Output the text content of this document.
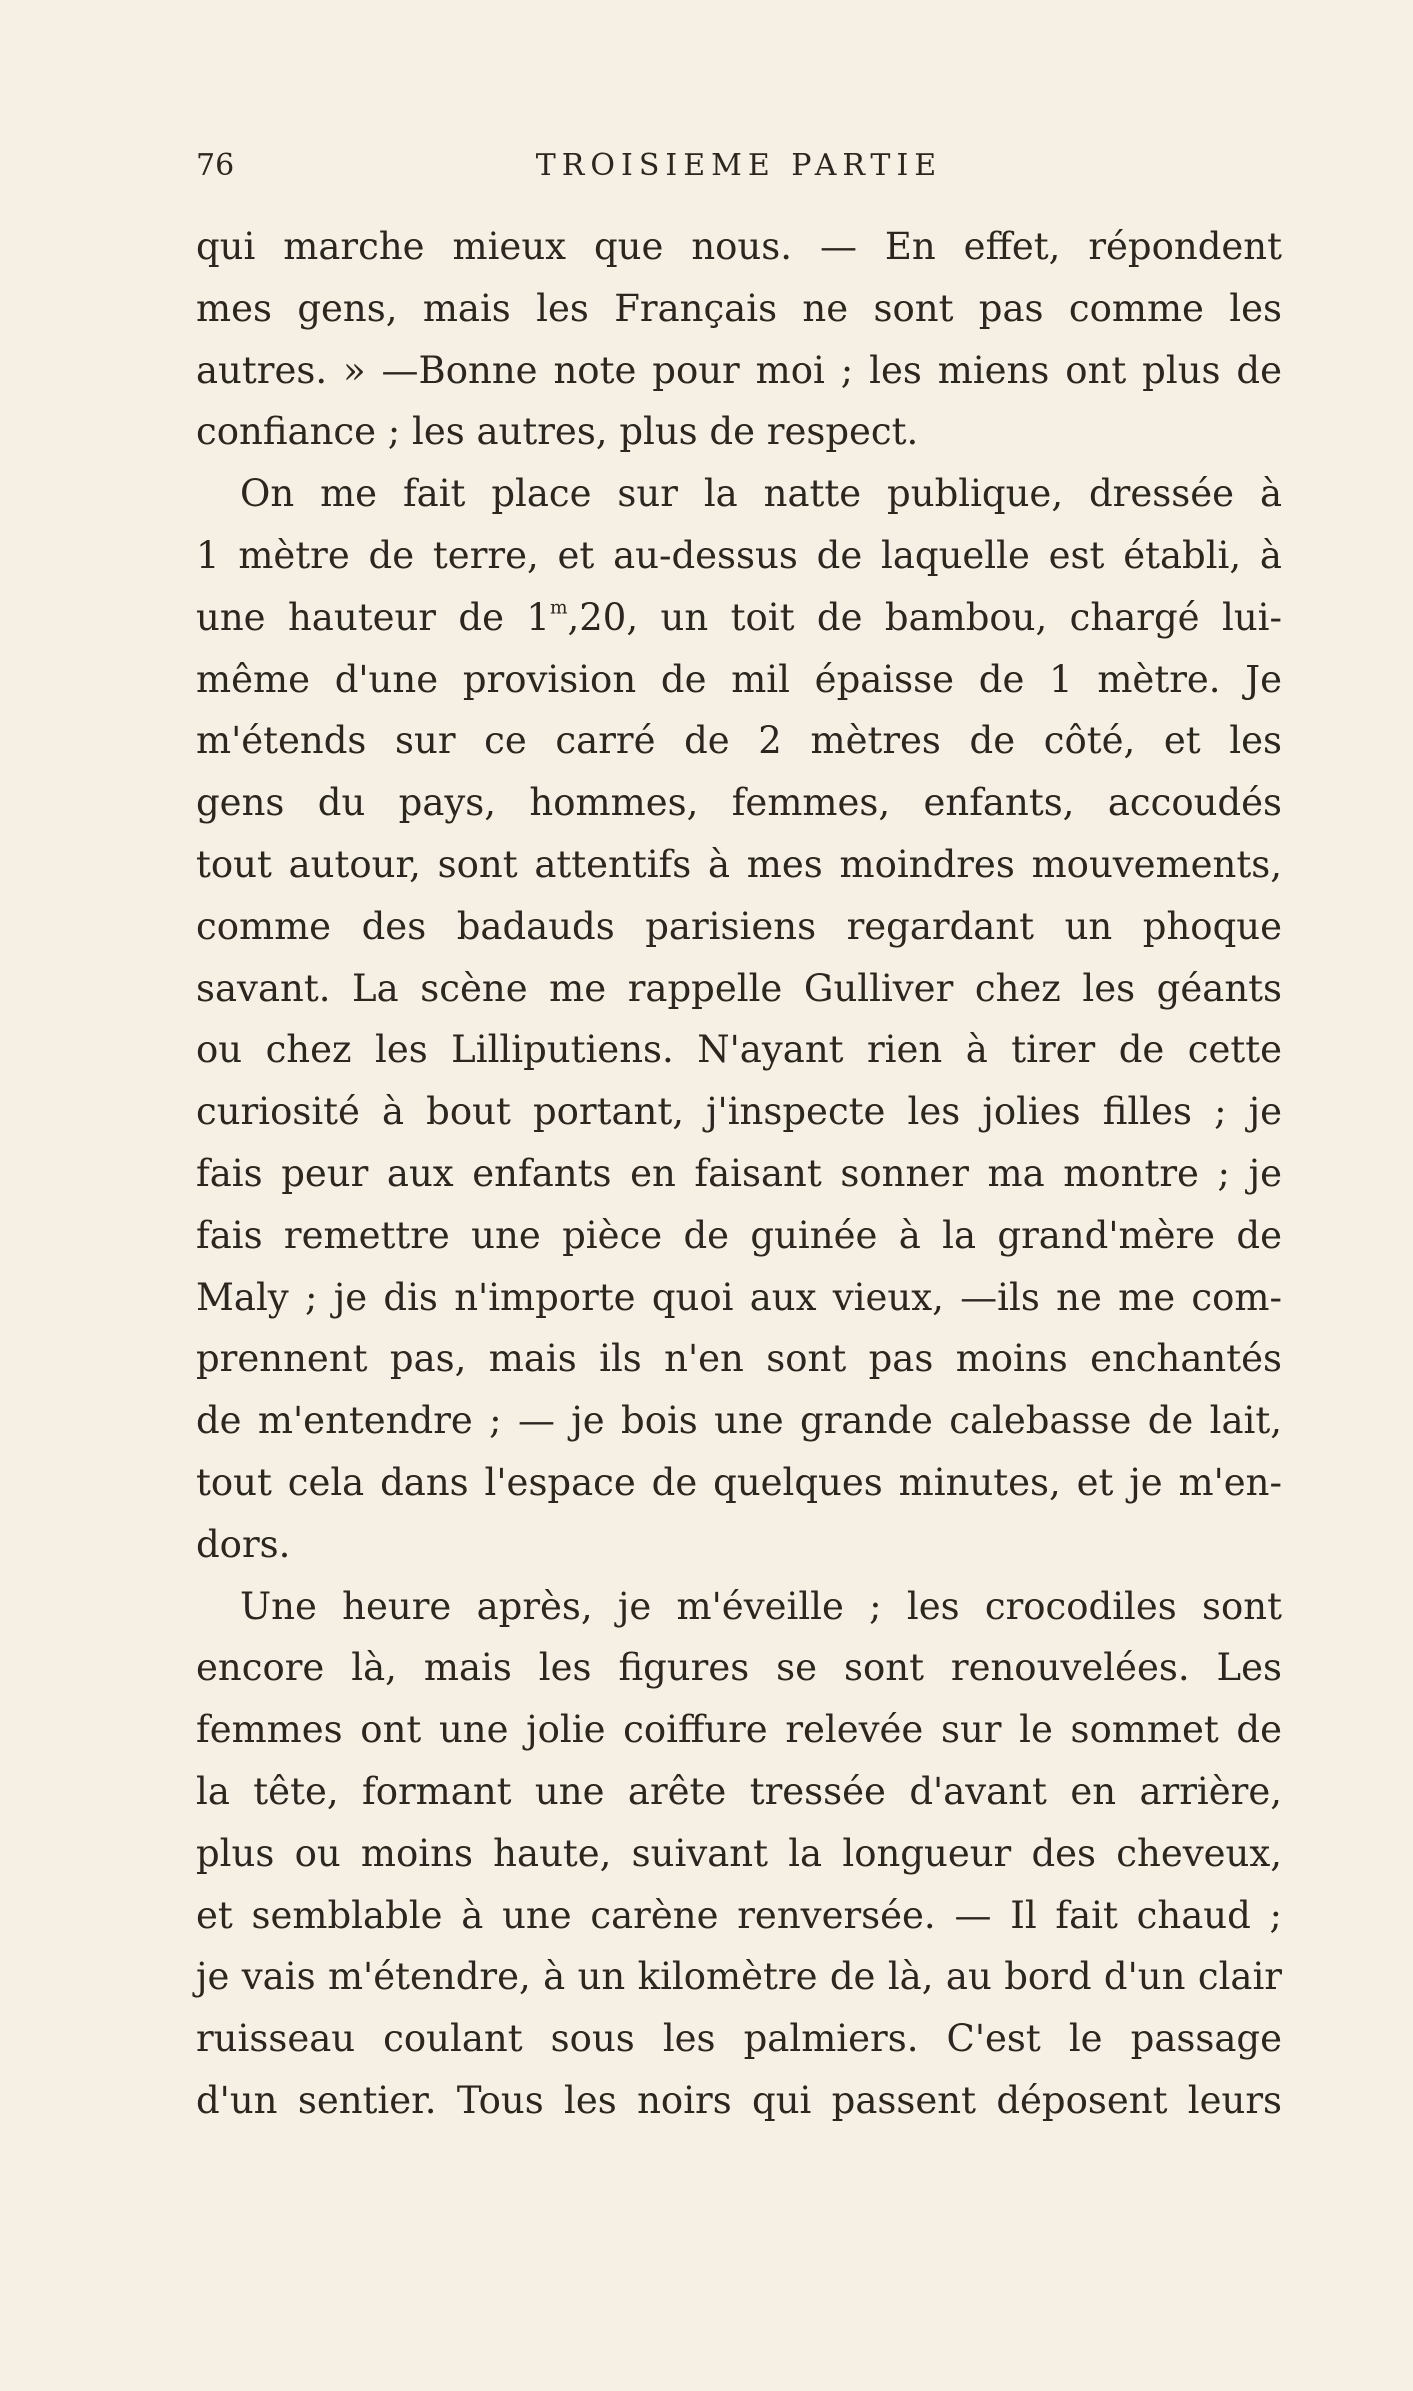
76	TROISIEME PARTIE
qui marche mieux que nous. — En effet, répondent
mes gens, mais les Français ne sont pas comme les
autres. » —Bonne note pour moi ; les miens ont plus de
confiance ; les autres, plus de respect.
On me fait place sur la natte publique, dressée à
1 mètre de terre, et au-dessus de laquelle est établi, à
une hauteur de 1$^m$,20, un toit de bambou, chargé lui-
même d'une provision de mil épaisse de 1 mètre. Je
m'étends sur ce carré de 2 mètres de côté, et les
gens du pays, hommes, femmes, enfants, accoudés
tout autour, sont attentifs à mes moindres mouvements,
comme des badauds parisiens regardant un phoque
savant. La scène me rappelle Gulliver chez les géants
ou chez les Lilliputiens. N'ayant rien à tirer de cette
curiosité à bout portant, j'inspecte les jolies filles ; je
fais peur aux enfants en faisant sonner ma montre ; je
fais remettre une pièce de guinée à la grand'mère de
Maly ; je dis n'importe quoi aux vieux, —ils ne me com-
prennent pas, mais ils n'en sont pas moins enchantés
de m'entendre ; — je bois une grande calebasse de lait,
tout cela dans l'espace de quelques minutes, et je m'en-
dors.
Une heure après, je m'éveille ; les crocodiles sont
encore là, mais les figures se sont renouvelées. Les
femmes ont une jolie coiffure relevée sur le sommet de
la tête, formant une arête tressée d'avant en arrière,
plus ou moins haute, suivant la longueur des cheveux,
et semblable à une carène renversée. — Il fait chaud ;
je vais m'étendre, à un kilomètre de là, au bord d'un clair
ruisseau coulant sous les palmiers. C'est le passage
d'un sentier. Tous les noirs qui passent déposent leurs
